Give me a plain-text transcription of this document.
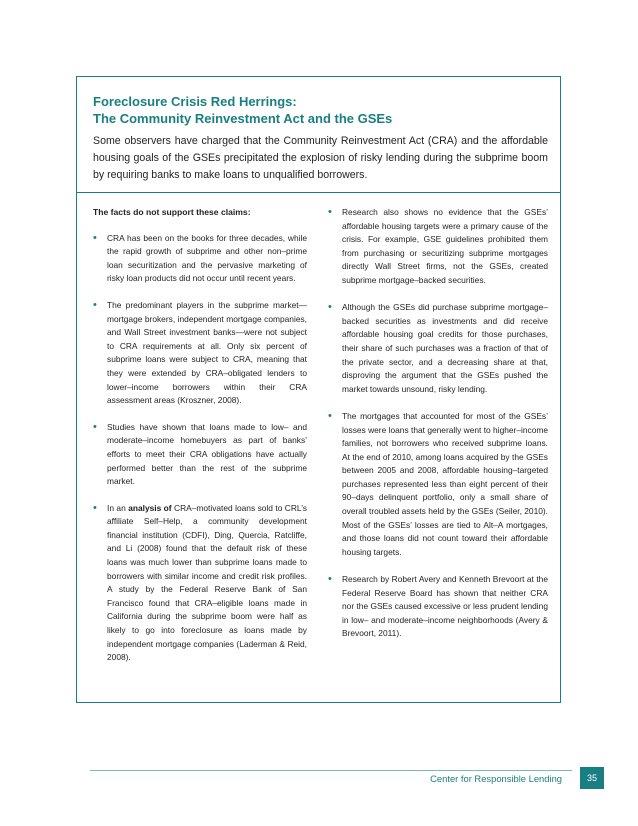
Foreclosure Crisis Red Herrings:
The Community Reinvestment Act and the GSEs

Some observers have charged that the Community Reinvestment Act (CRA) and the affordable housing goals of the GSEs precipitated the explosion of risky lending during the subprime boom by requiring banks to make loans to unqualified borrowers.

The facts do not support these claims:

• CRA has been on the books for three decades, while the rapid growth of subprime and other non–prime loan securitization and the pervasive marketing of risky loan products did not occur until recent years.
• The predominant players in the subprime market—mortgage brokers, independent mortgage companies, and Wall Street investment banks—were not subject to CRA requirements at all. Only six percent of subprime loans were subject to CRA, meaning that they were extended by CRA–obligated lenders to lower–income borrowers within their CRA assessment areas (Kroszner, 2008).
• Studies have shown that loans made to low– and moderate–income homebuyers as part of banks’ efforts to meet their CRA obligations have actually performed better than the rest of the subprime market.
• In an analysis of CRA–motivated loans sold to CRL’s affiliate Self–Help, a community development financial institution (CDFI), Ding, Quercia, Ratcliffe, and Li (2008) found that the default risk of these loans was much lower than subprime loans made to borrowers with similar income and credit risk profiles. A study by the Federal Reserve Bank of San Francisco found that CRA–eligible loans made in California during the subprime boom were half as likely to go into foreclosure as loans made by independent mortgage companies (Laderman & Reid, 2008).
• Research also shows no evidence that the GSEs’ affordable housing targets were a primary cause of the crisis. For example, GSE guidelines prohibited them from purchasing or securitizing subprime mortgages directly Wall Street firms, not the GSEs, created subprime mortgage–backed securities.
• Although the GSEs did purchase subprime mortgage–backed securities as investments and did receive affordable housing goal credits for those purchases, their share of such purchases was a fraction of that of the private sector, and a decreasing share at that, disproving the argument that the GSEs pushed the market towards unsound, risky lending.
• The mortgages that accounted for most of the GSEs’ losses were loans that generally went to higher–income families, not borrowers who received subprime loans. At the end of 2010, among loans acquired by the GSEs between 2005 and 2008, affordable housing–targeted purchases represented less than eight percent of their 90–days delinquent portfolio, only a small share of overall troubled assets held by the GSEs (Seiler, 2010). Most of the GSEs’ losses are tied to Alt–A mortgages, and those loans did not count toward their affordable housing targets.
• Research by Robert Avery and Kenneth Brevoort at the Federal Reserve Board has shown that neither CRA nor the GSEs caused excessive or less prudent lending in low– and moderate–income neighborhoods (Avery & Brevoort, 2011).

Center for Responsible Lending	35
